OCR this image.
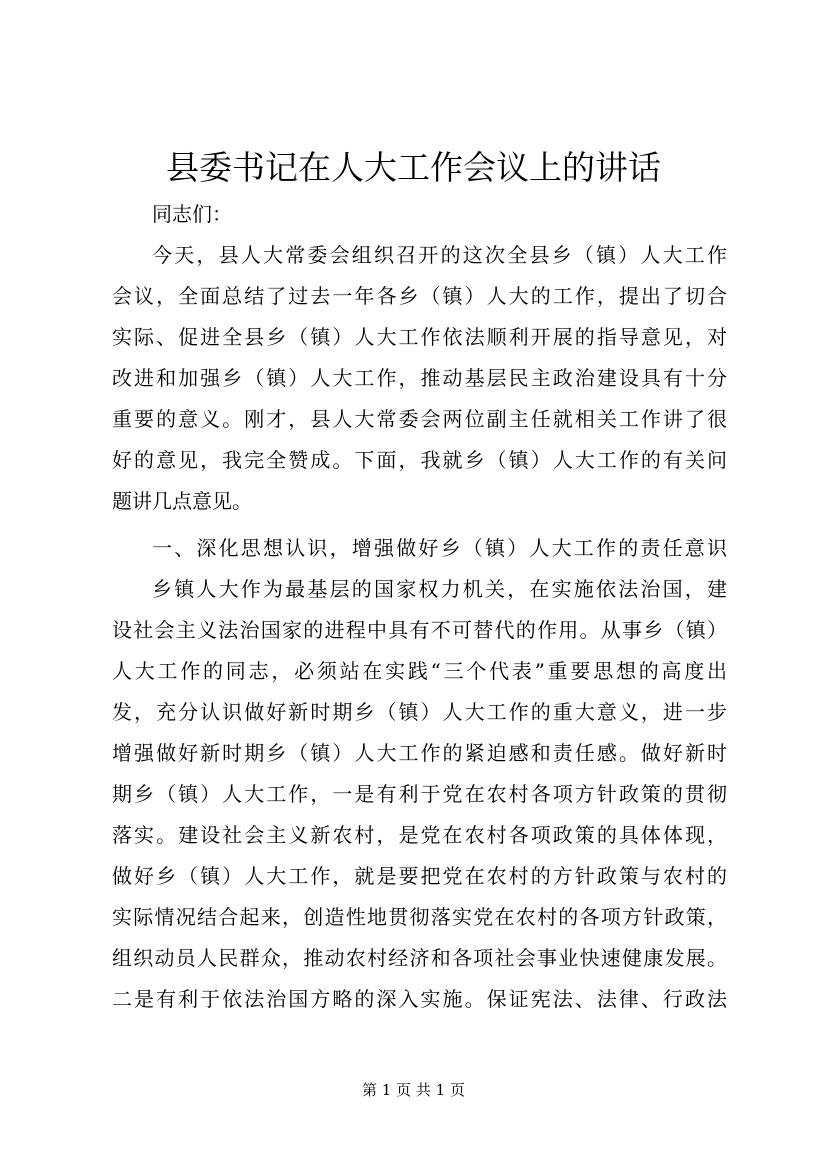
县委书记在人大工作会议上的讲话
同志们：
今天，县人大常委会组织召开的这次全县乡（镇）人大工作
会议，全面总结了过去一年各乡（镇）人大的工作，提出了切合
实际、促进全县乡（镇）人大工作依法顺利开展的指导意见，对
改进和加强乡（镇）人大工作，推动基层民主政治建设具有十分
重要的意义。刚才，县人大常委会两位副主任就相关工作讲了很
好的意见，我完全赞成。下面，我就乡（镇）人大工作的有关问
题讲几点意见。
一、深化思想认识，增强做好乡（镇）人大工作的责任意识
乡镇人大作为最基层的国家权力机关，在实施依法治国，建
设社会主义法治国家的进程中具有不可替代的作用。从事乡（镇）
人大工作的同志，必须站在实践“三个代表”重要思想的高度出
发，充分认识做好新时期乡（镇）人大工作的重大意义，进一步
增强做好新时期乡（镇）人大工作的紧迫感和责任感。做好新时
期乡（镇）人大工作，一是有利于党在农村各项方针政策的贯彻
落实。建设社会主义新农村，是党在农村各项政策的具体体现，
做好乡（镇）人大工作，就是要把党在农村的方针政策与农村的
实际情况结合起来，创造性地贯彻落实党在农村的各项方针政策，
组织动员人民群众，推动农村经济和各项社会事业快速健康发展。
二是有利于依法治国方略的深入实施。保证宪法、法律、行政法
第 1 页 共 1 页
